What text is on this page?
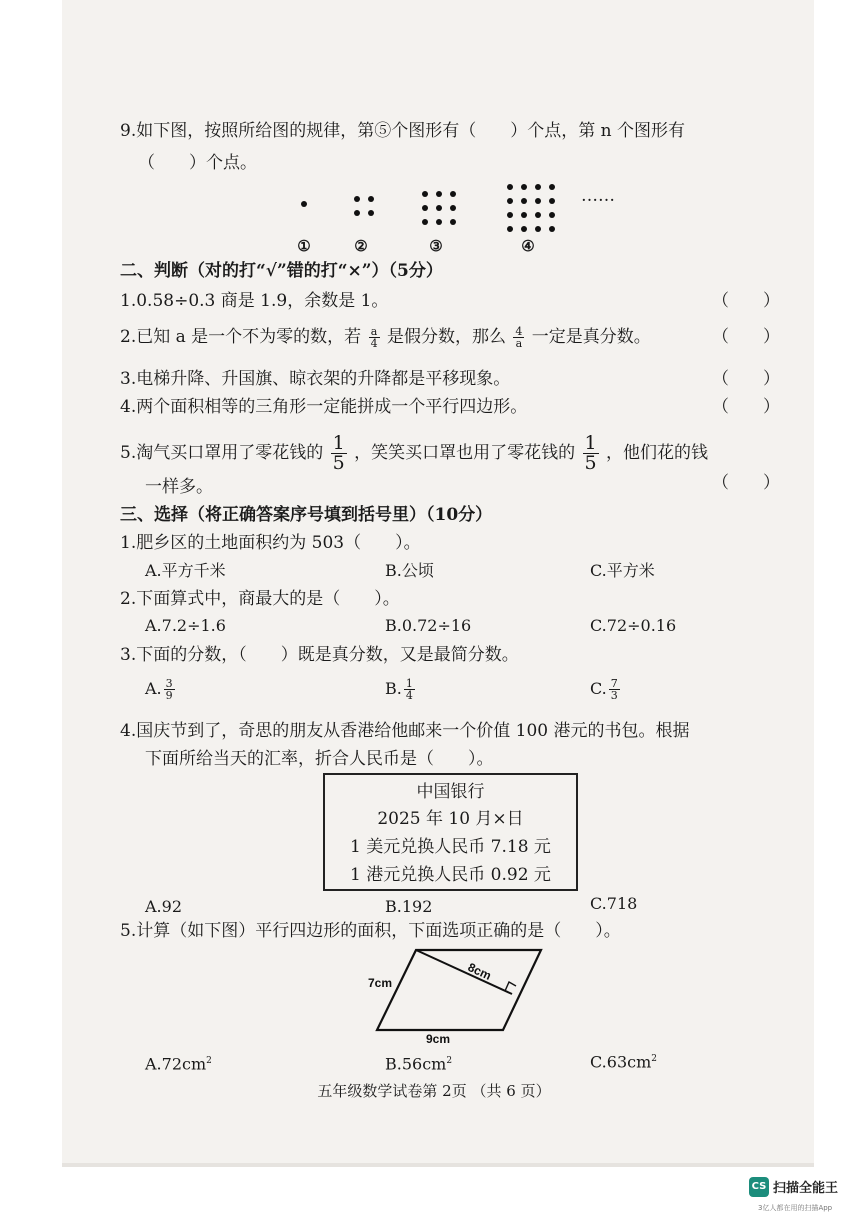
9.如下图，按照所给图的规律，第⑤个图形有（　　）个点，第 n 个图形有
（　　）个点。
……
①	②	③	④
二、判断（对的打“√”错的打“×”）（5分）
1.0.58÷0.3 商是 1.9，余数是 1。	（　　）
2.已知 a 是一个不为零的数，若 $\frac{a}{4}$ 是假分数，那么 $\frac{4}{a}$ 一定是真分数。	（　　）
3.电梯升降、升国旗、晾衣架的升降都是平移现象。	（　　）
4.两个面积相等的三角形一定能拼成一个平行四边形。	（　　）
5.淘气买口罩用了零花钱的 $\frac{1}{5}$ ，笑笑买口罩也用了零花钱的 $\frac{1}{5}$ ，他们花的钱
一样多。	（　　）
三、选择（将正确答案序号填到括号里）（10分）
1.肥乡区的土地面积约为 503（　　）。
A.平方千米	B.公顷	C.平方米
2.下面算式中，商最大的是（　　）。
A.7.2÷1.6	B.0.72÷16	C.72÷0.16
3.下面的分数，（　　）既是真分数，又是最简分数。
A. $\frac{3}{9}$	B. $\frac{1}{4}$	C. $\frac{7}{3}$
4.国庆节到了，奇思的朋友从香港给他邮来一个价值 100 港元的书包。根据
下面所给当天的汇率，折合人民币是（　　）。
中国银行
2025 年 10 月×日
1 美元兑换人民币 7.18 元
1 港元兑换人民币 0.92 元
A.92	B.192	C.718
5.计算（如下图）平行四边形的面积，下面选项正确的是（　　）。
7cm
8cm
9cm
$A.72cm^2$	$B.56cm^2$	$C.63cm^2$
五年级数学试卷第 2页 （共 6 页）
CS 扫描全能王
3亿人都在用的扫描App
